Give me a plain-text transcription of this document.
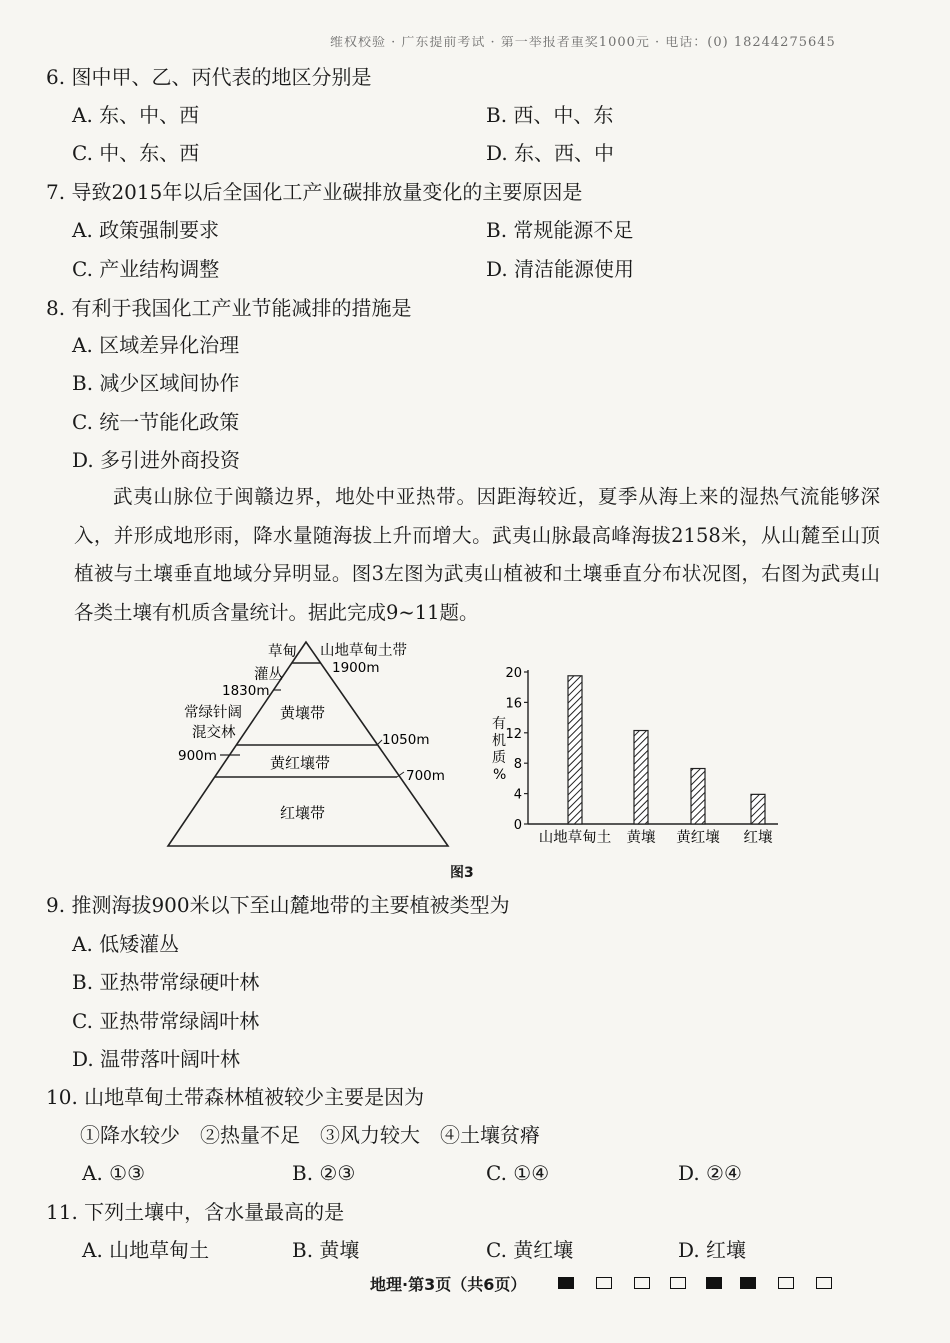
维权校验 · 广东提前考试 · 第一举报者重奖1000元 · 电话：(0) 18244275645
6. 图中甲、乙、丙代表的地区分别是
A. 东、中、西	B. 西、中、东
C. 中、东、西	D. 东、西、中
7. 导致2015年以后全国化工产业碳排放量变化的主要原因是
A. 政策强制要求	B. 常规能源不足
C. 产业结构调整	D. 清洁能源使用
8. 有利于我国化工产业节能减排的措施是
A. 区域差异化治理
B. 减少区域间协作
C. 统一节能化政策
D. 多引进外商投资

武夷山脉位于闽赣边界，地处中亚热带。因距海较近，夏季从海上来的湿热气流能够深入，并形成地形雨，降水量随海拔上升而增大。武夷山脉最高峰海拔2158米，从山麓至山顶植被与土壤垂直地域分异明显。图3左图为武夷山植被和土壤垂直分布状况图，右图为武夷山各类土壤有机质含量统计。据此完成9~11题。

山地草甸土带
草甸
灌丛
常绿针阔
混交林
1900m
1830m
1050m
900m
700m
黄壤带
黄红壤带
红壤带
0
4
8
12
16
20
山地草甸土 黄壤 黄红壤 红壤
有
机
质
%
图3
9. 推测海拔900米以下至山麓地带的主要植被类型为
A. 低矮灌丛
B. 亚热带常绿硬叶林
C. 亚热带常绿阔叶林
D. 温带落叶阔叶林
10. 山地草甸土带森林植被较少主要是因为
①降水较少　②热量不足　③风力较大　④土壤贫瘠
A. ①③	B. ②③	C. ①④	D. ②④
11. 下列土壤中，含水量最高的是
A. 山地草甸土	B. 黄壤	C. 黄红壤	D. 红壤
地理·第3页（共6页）
